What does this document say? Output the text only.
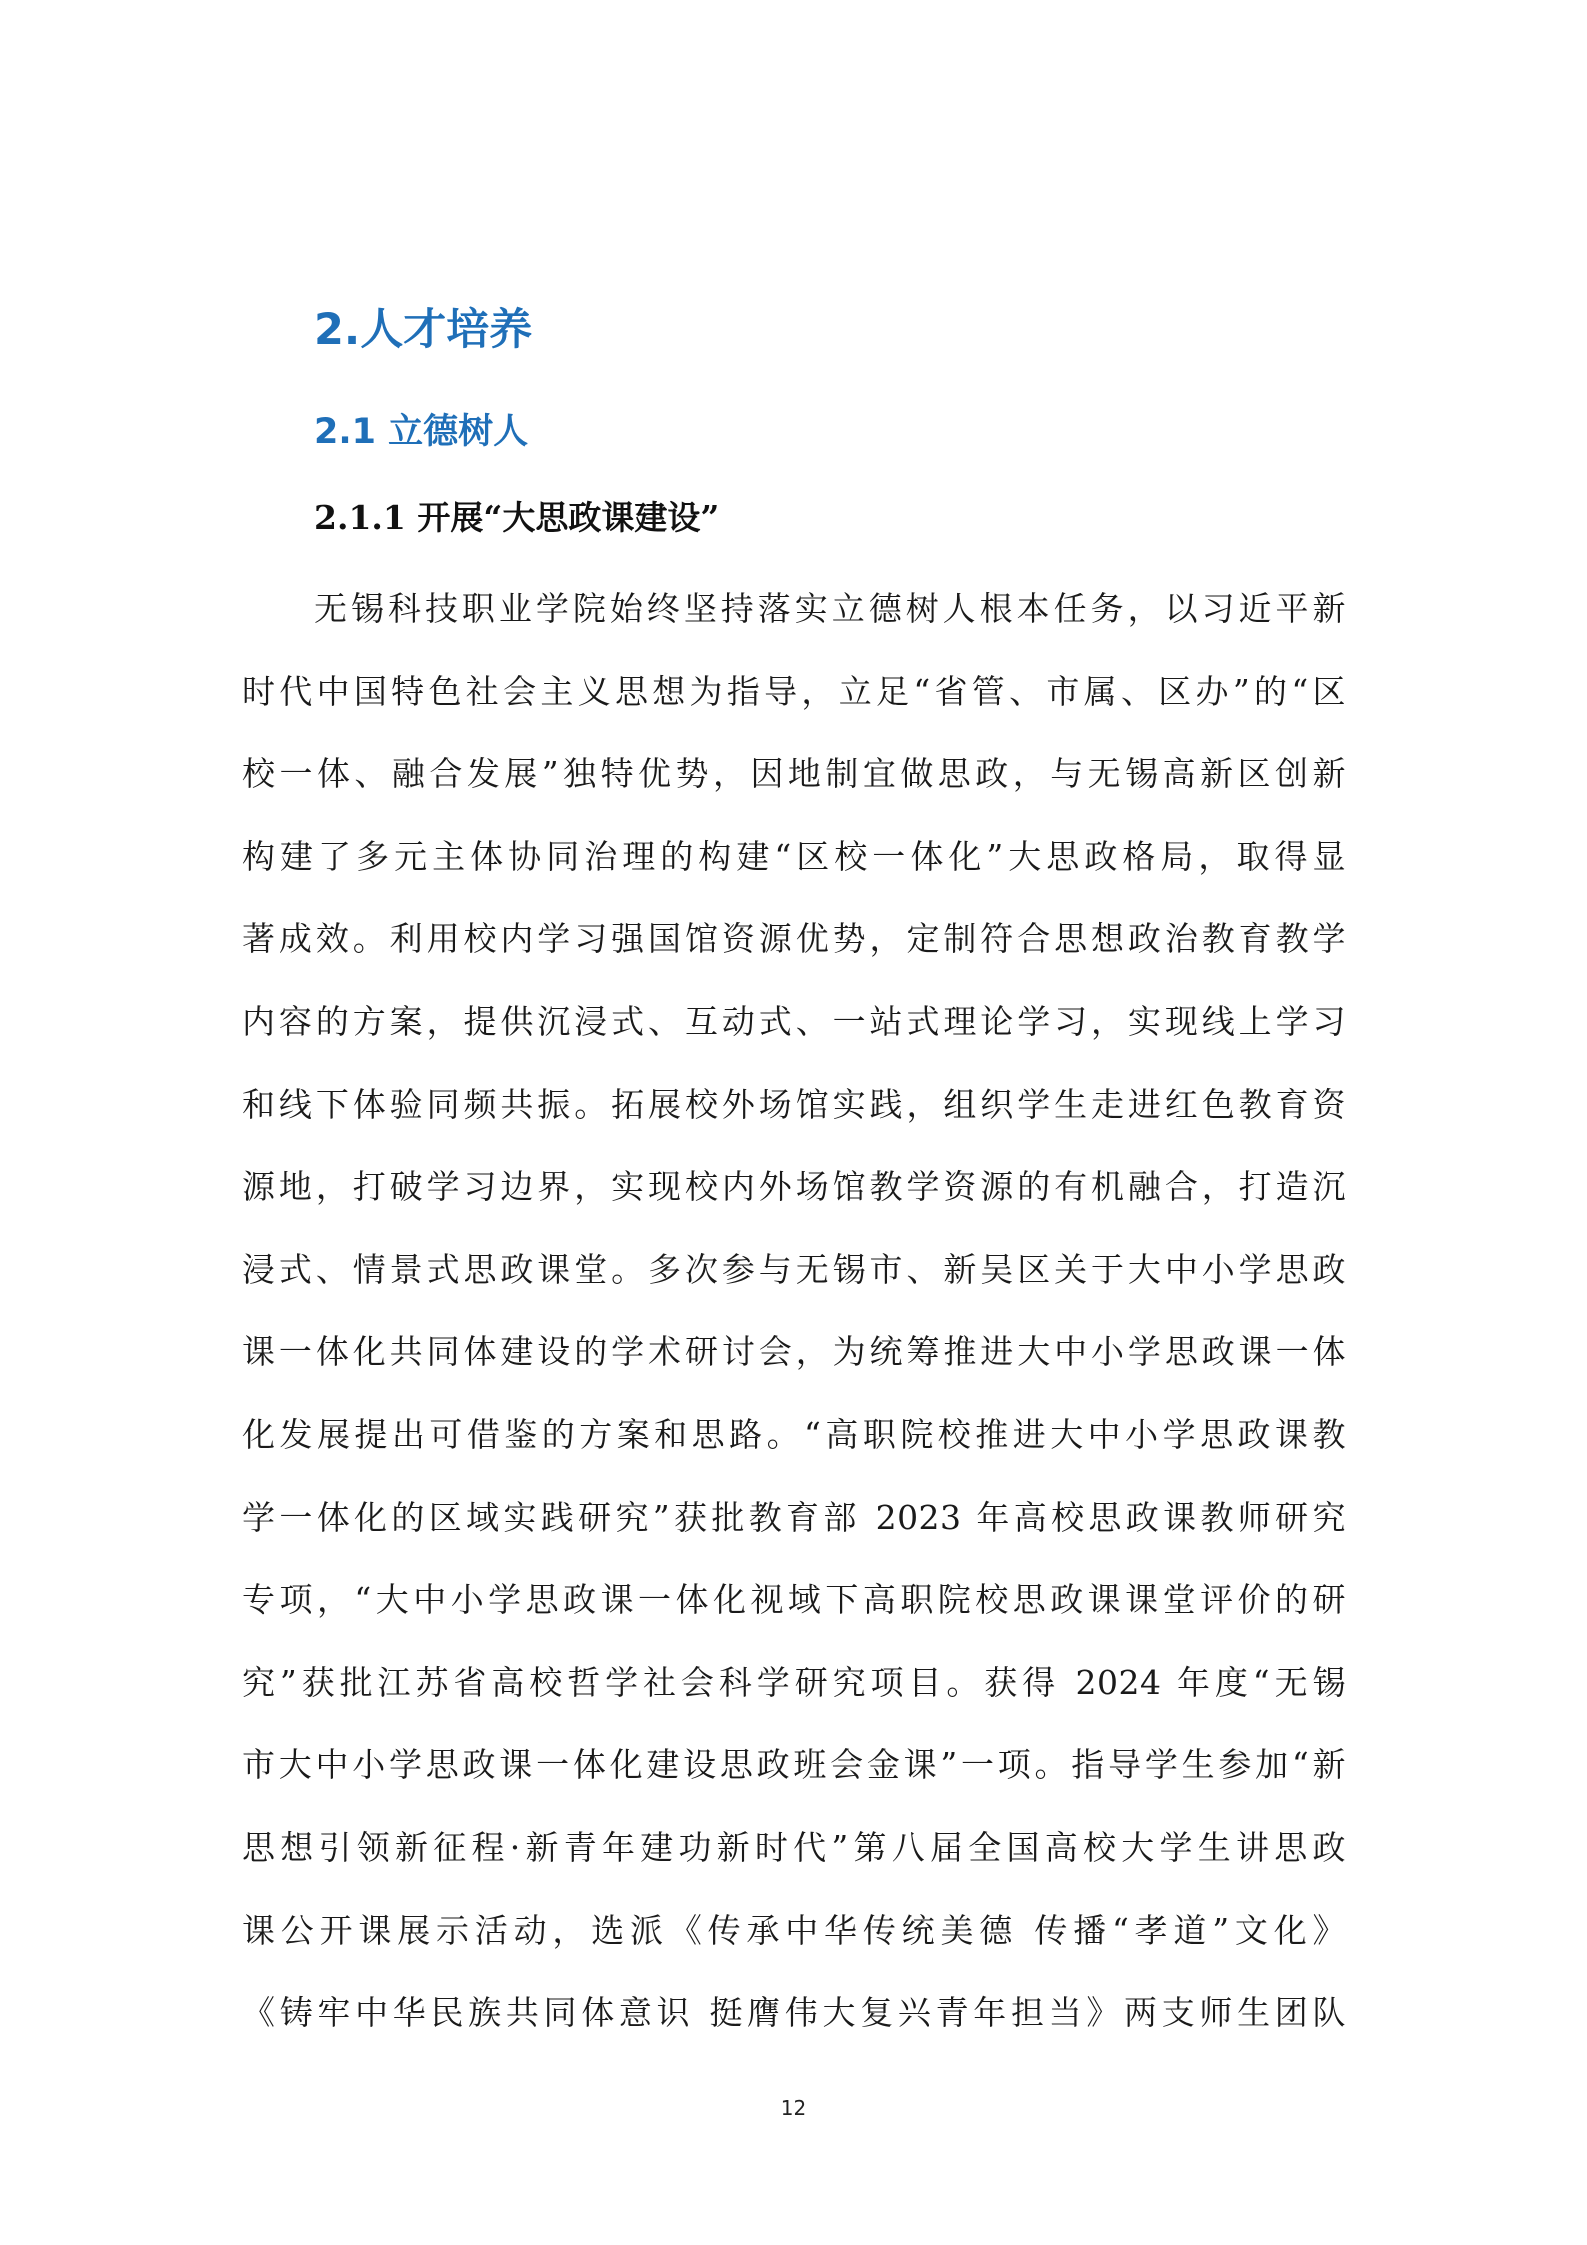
2.人才培养
2.1 立德树人
2.1.1 开展“大思政课建设”
无锡科技职业学院始终坚持落实立德树人根本任务，以习近平新
时代中国特色社会主义思想为指导，立足“省管、市属、区办”的“区
校一体、融合发展”独特优势，因地制宜做思政，与无锡高新区创新
构建了多元主体协同治理的构建“区校一体化”大思政格局，取得显
著成效。利用校内学习强国馆资源优势，定制符合思想政治教育教学
内容的方案，提供沉浸式、互动式、一站式理论学习，实现线上学习
和线下体验同频共振。拓展校外场馆实践，组织学生走进红色教育资
源地，打破学习边界，实现校内外场馆教学资源的有机融合，打造沉
浸式、情景式思政课堂。多次参与无锡市、新吴区关于大中小学思政
课一体化共同体建设的学术研讨会，为统筹推进大中小学思政课一体
化发展提出可借鉴的方案和思路。“高职院校推进大中小学思政课教
学一体化的区域实践研究”获批教育部 2023 年高校思政课教师研究
专项，“大中小学思政课一体化视域下高职院校思政课课堂评价的研
究”获批江苏省高校哲学社会科学研究项目。获得 2024 年度“无锡
市大中小学思政课一体化建设思政班会金课”一项。指导学生参加“新
思想引领新征程·新青年建功新时代”第八届全国高校大学生讲思政
课公开课展示活动，选派《传承中华传统美德 传播“孝道”文化》
《铸牢中华民族共同体意识 挺膺伟大复兴青年担当》两支师生团队
12
